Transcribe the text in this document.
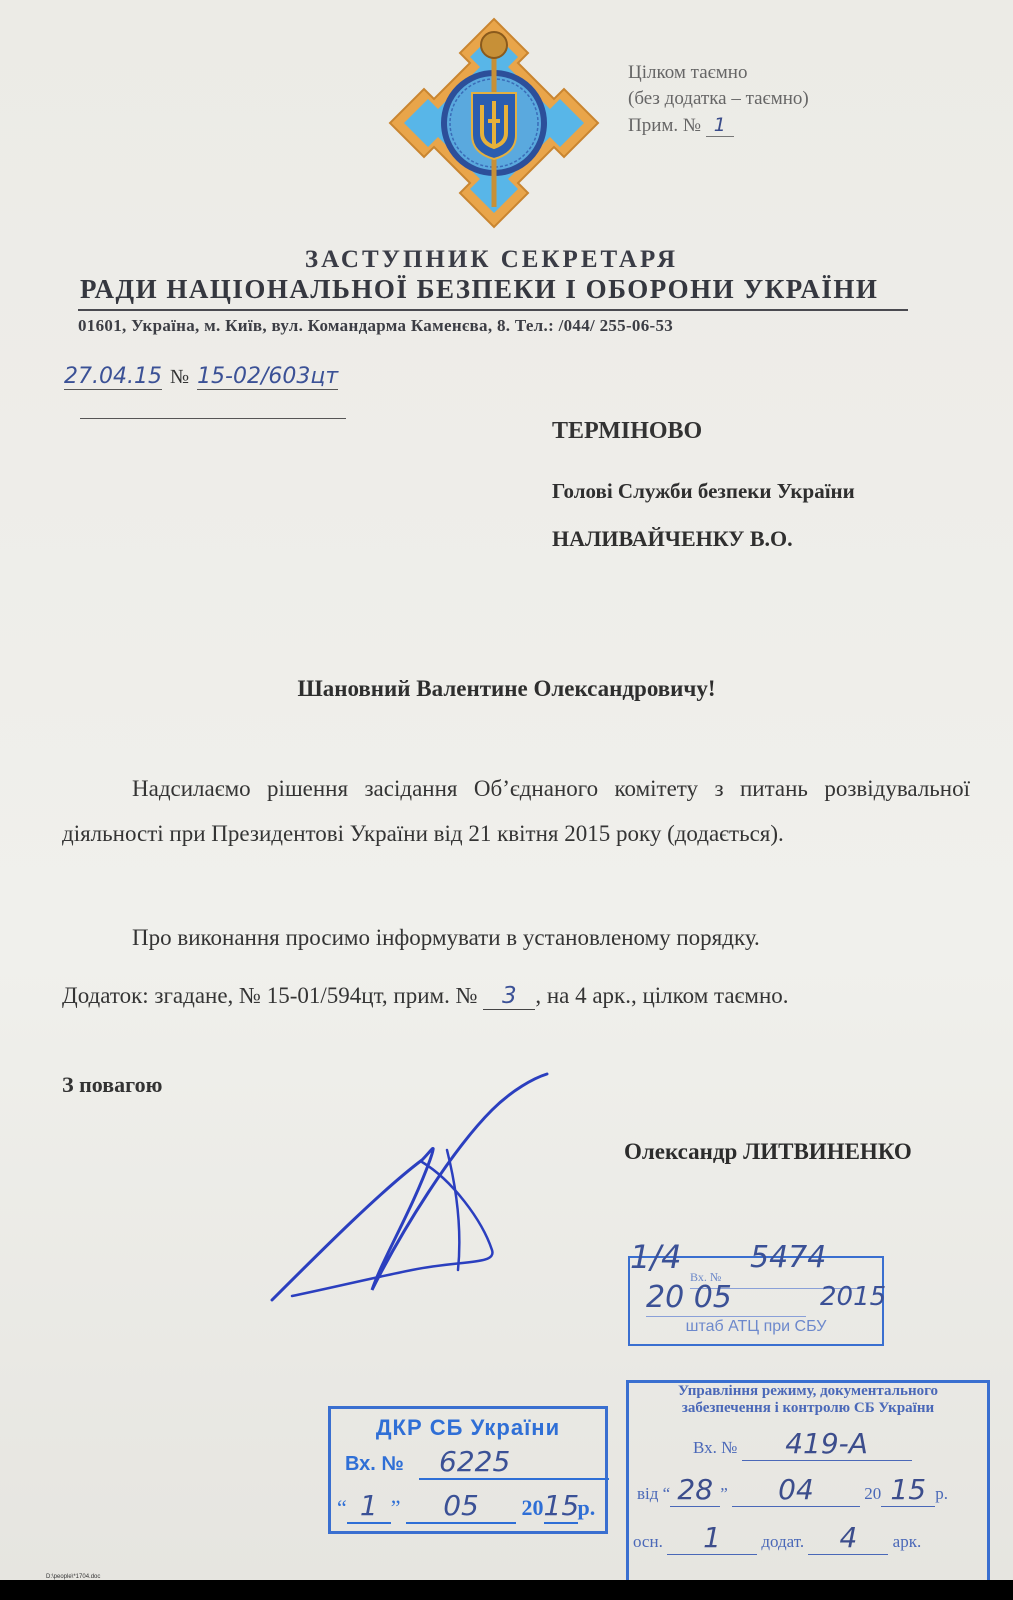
Цілком таємно
(без додатка – таємно)
Прим. № 1
ЗАСТУПНИК СЕКРЕТАРЯ
РАДИ НАЦІОНАЛЬНОЇ БЕЗПЕКИ І ОБОРОНИ УКРАЇНИ
01601, Україна, м. Київ, вул. Командарма Каменєва, 8. Тел.: /044/ 255-06-53
27.04.15 № 15-02/603цт
ТЕРМІНОВО
Голові Служби безпеки України
НАЛИВАЙЧЕНКУ В.О.
Шановний Валентине Олександровичу!
Надсилаємо рішення засідання Об’єднаного комітету з питань розвідувальної діяльності при Президентові України від 21 квітня 2015 року (додається).
Про виконання просимо інформувати в установленому порядку.
Додаток: згадане, № 15-01/594цт, прим. № 3 , на 4 арк., цілком таємно.
З повагою
Олександр ЛИТВИНЕНКО
1/4
Вх. №
5474
20 05	2015
штаб АТЦ при СБУ
ДКР СБ України
Вх. №	6225
“ 1 ” 05 2015р.
Управління режиму, документального
забезпечення і контролю СБ України
Вх. № 419-А
від “ 28 ” 04	20 15 р.
осн. 1 додат. 4 арк.
D:\people\*1704.doc
